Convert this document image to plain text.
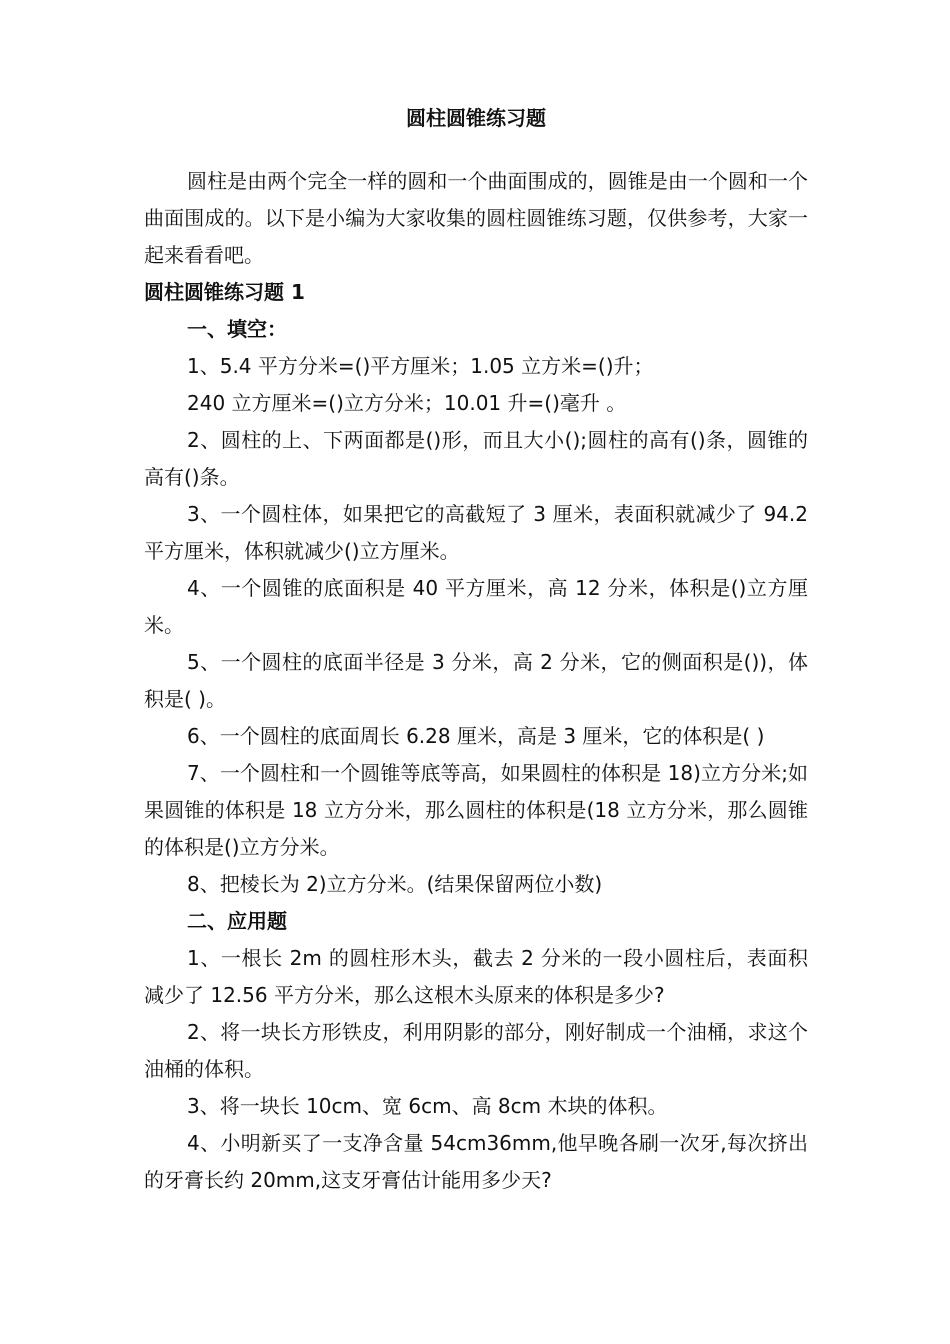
圆柱圆锥练习题

圆柱是由两个完全一样的圆和一个曲面围成的，圆锥是由一个圆和一个曲面围成的。以下是小编为大家收集的圆柱圆锥练习题，仅供参考，大家一起来看看吧。

圆柱圆锥练习题 1

一、填空：

1、5.4 平方分米=()平方厘米；1.05 立方米=()升；

240 立方厘米=()立方分米；10.01 升=()毫升 。

2、圆柱的上、下两面都是()形，而且大小();圆柱的高有()条，圆锥的高有()条。

3、一个圆柱体，如果把它的高截短了 3 厘米，表面积就减少了 94.2 平方厘米，体积就减少()立方厘米。

4、一个圆锥的底面积是 40 平方厘米，高 12 分米，体积是()立方厘米。

5、一个圆柱的底面半径是 3 分米，高 2 分米，它的侧面积是())，体积是( )。

6、一个圆柱的底面周长 6.28 厘米，高是 3 厘米，它的体积是( )

7、一个圆柱和一个圆锥等底等高，如果圆柱的体积是 18)立方分米;如果圆锥的体积是 18 立方分米，那么圆柱的体积是(18 立方分米，那么圆锥的体积是()立方分米。

8、把棱长为 2)立方分米。(结果保留两位小数)

二、应用题

1、一根长 2m 的圆柱形木头，截去 2 分米的一段小圆柱后，表面积减少了 12.56 平方分米，那么这根木头原来的体积是多少?

2、将一块长方形铁皮，利用阴影的部分，刚好制成一个油桶，求这个油桶的体积。

3、将一块长 10cm、宽 6cm、高 8cm 木块的体积。

4、小明新买了一支净含量 54cm36mm,他早晚各刷一次牙,每次挤出的牙膏长约 20mm,这支牙膏估计能用多少天?
